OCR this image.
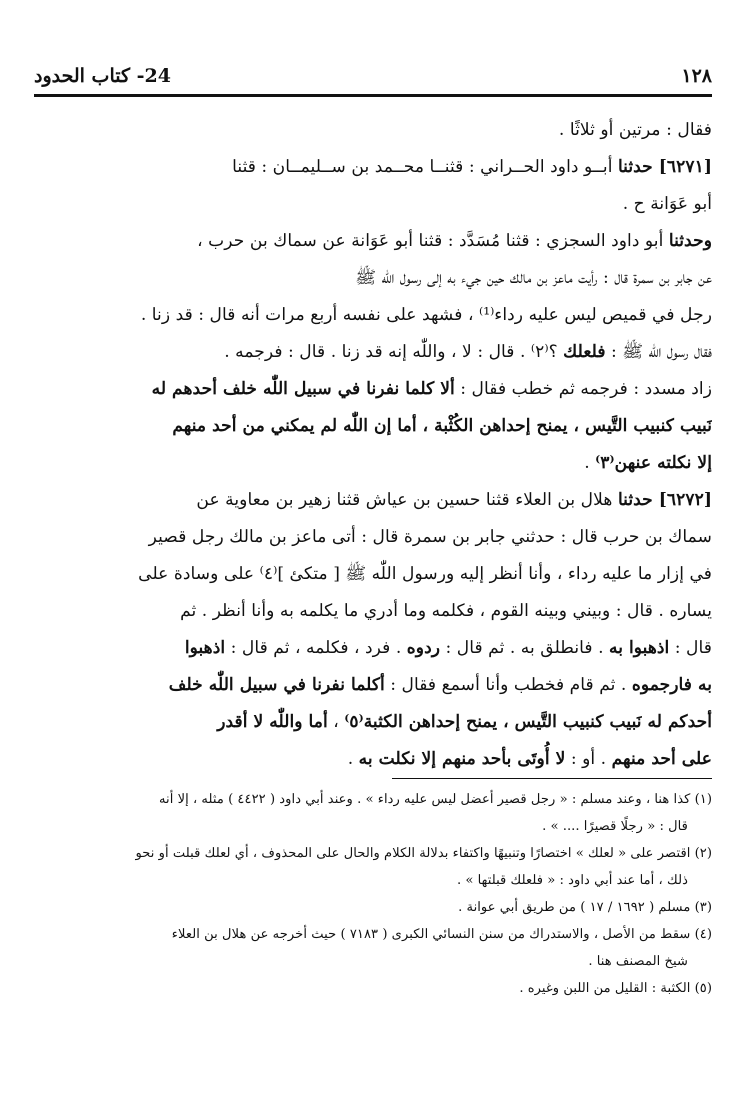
١٢٨
24- كتاب الحدود
فقال : مرتين أو ثلاثًا .
[٦٢٧١] حدثنا أبــو داود الحــراني : قثنــا محــمد بن ســليمــان : قثنا
أبو عَوَانة ح .
وحدثنا أبو داود السجزي : قثنا مُسَدَّد : قثنا أبو عَوَانة عن سماك بن حرب ،
عن جابر بن سمرة قال : رأيت ماعز بن مالك حين جيء به إلى رسول اللّٰه ﷺ
رجل في قميص ليس عليه رداء⁽¹⁾ ، فشهد على نفسه أربع مرات أنه قال : قد زنا .
فقال رسول اللّٰه ﷺ : فلعلك ؟⁽٢⁾ . قال : لا ، واللّٰه إنه قد زنا . قال : فرجمه .
زاد مسدد : فرجمه ثم خطب فقال : ألا كلما نفرنا في سبيل اللّٰه خلف أحدهم له
نَبيب كنبيب التَّيس ، يمنح إحداهن الكُثْبة ، أما إن اللّٰه لم يمكني من أحد منهم
إلا نكلته عنهن⁽٣⁾ .
[٦٢٧٢] حدثنا هلال بن العلاء قثنا حسين بن عياش قثنا زهير بن معاوية عن
سماك بن حرب قال : حدثني جابر بن سمرة قال : أتى ماعز بن مالك رجل قصير
في إزار ما عليه رداء ، وأنا أنظر إليه ورسول اللّٰه ﷺ [ متكئ ]⁽٤⁾ على وسادة على
يساره . قال : وبيني وبينه القوم ، فكلمه وما أدري ما يكلمه به وأنا أنظر . ثم
قال : اذهبوا به . فانطلق به . ثم قال : ردوه . فرد ، فكلمه ، ثم قال : اذهبوا
به فارجموه . ثم قام فخطب وأنا أسمع فقال : أكلما نفرنا في سبيل اللّٰه خلف
أحدكم له نَبيب كنبيب التَّيس ، يمنح إحداهن الكثبة⁽٥⁾ ، أما واللّٰه لا أقدر
على أحد منهم . أو : لا أُوتَى بأحد منهم إلا نكلت به .
(١) كذا هنا ، وعند مسلم : « رجل قصير أعضل ليس عليه رداء » . وعند أبي داود ( ٤٤٢٢ ) مثله ، إلا أنه
قال : « رجلًا قصيرًا .... » .
(٢) اقتصر على « لعلك » اختصارًا وتنبيهًا واكتفاء بدلالة الكلام والحال على المحذوف ، أي لعلك قبلت أو نحو
ذلك ، أما عند أبي داود : « فلعلك قبلتها » .
(٣) مسلم ( ١٦٩٢ / ١٧ ) من طريق أبي عوانة .
(٤) سقط من الأصل ، والاستدراك من سنن النسائي الكبرى ( ٧١٨٣ ) حيث أخرجه عن هلال بن العلاء
شيخ المصنف هنا .
(٥) الكثبة : القليل من اللبن وغيره .
